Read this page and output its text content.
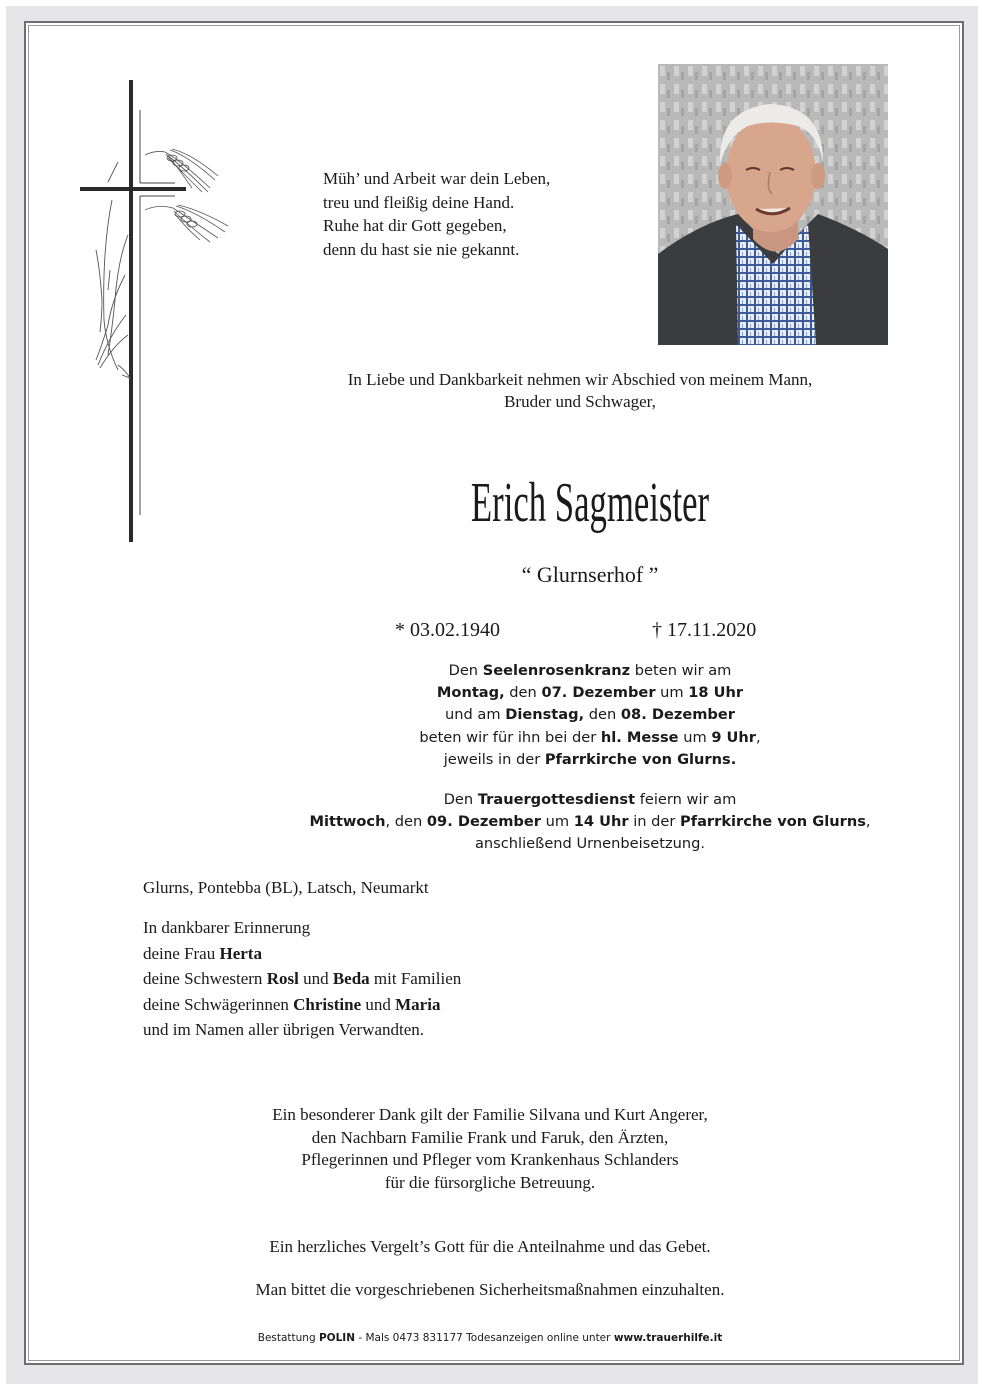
Müh’ und Arbeit war dein Leben,
treu und fleißig deine Hand.
Ruhe hat dir Gott gegeben,
denn du hast sie nie gekannt.
In Liebe und Dankbarkeit nehmen wir Abschied von meinem Mann,
Bruder und Schwager,
Erich Sagmeister
“ Glurnserhof ”
* 03.02.1940	† 17.11.2020
Den Seelenrosenkranz beten wir am
Montag, den 07. Dezember um 18 Uhr
und am Dienstag, den 08. Dezember
beten wir für ihn bei der hl. Messe um 9 Uhr,
jeweils in der Pfarrkirche von Glurns.
Den Trauergottesdienst feiern wir am
Mittwoch, den 09. Dezember um 14 Uhr in der Pfarrkirche von Glurns,
anschließend Urnenbeisetzung.
Glurns, Pontebba (BL), Latsch, Neumarkt
In dankbarer Erinnerung
deine Frau Herta
deine Schwestern Rosl und Beda mit Familien
deine Schwägerinnen Christine und Maria
und im Namen aller übrigen Verwandten.
Ein besonderer Dank gilt der Familie Silvana und Kurt Angerer,
den Nachbarn Familie Frank und Faruk, den Ärzten,
Pflegerinnen und Pfleger vom Krankenhaus Schlanders
für die fürsorgliche Betreuung.
Ein herzliches Vergelt’s Gott für die Anteilnahme und das Gebet.
Man bittet die vorgeschriebenen Sicherheitsmaßnahmen einzuhalten.
Bestattung POLIN - Mals 0473 831177 Todesanzeigen online unter www.trauerhilfe.it
